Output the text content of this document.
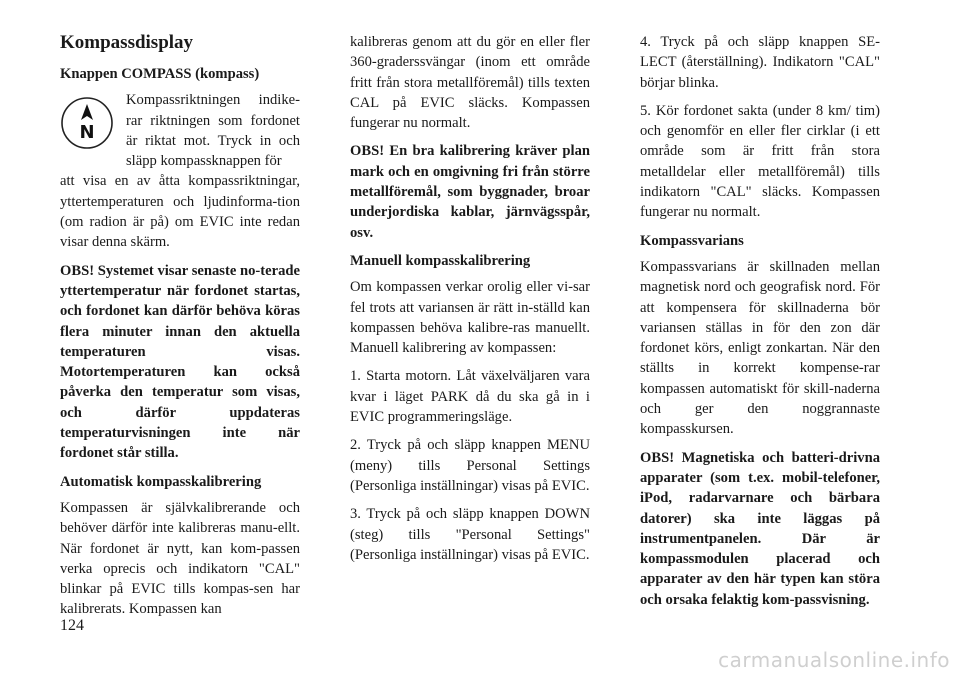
Kompassdisplay
Knappen COMPASS (kompass)
N
Kompassriktningen indike-rar riktningen som fordonet är riktat mot. Tryck in och släpp kompassknappen för

att visa en av åtta kompassriktningar, yttertemperaturen och ljudinforma-tion (om radion är på) om EVIC inte redan visar denna skärm.

OBS! Systemet visar senaste no-terade yttertemperatur när fordonet startas, och fordonet kan därför behöva köras flera minuter innan den aktuella temperaturen visas. Motortemperaturen kan också påverka den temperatur som visas, och därför uppdateras temperaturvisningen inte när fordonet står stilla.

Automatisk kompasskalibrering

Kompassen är självkalibrerande och behöver därför inte kalibreras manu-ellt. När fordonet är nytt, kan kom-passen verka oprecis och indikatorn "CAL" blinkar på EVIC tills kompas-sen har kalibrerats. Kompassen kan

kalibreras genom att du gör en eller fler 360-graderssvängar (inom ett område fritt från stora metallföremål) tills texten CAL på EVIC släcks. Kompassen fungerar nu normalt.

OBS! En bra kalibrering kräver plan mark och en omgivning fri från större metallföremål, som byggnader, broar underjordiska kablar, järnvägsspår, osv.

Manuell kompasskalibrering

Om kompassen verkar orolig eller vi-sar fel trots att variansen är rätt in-ställd kan kompassen behöva kalibre-ras manuellt. Manuell kalibrering av kompassen:

1. Starta motorn. Låt växelväljaren vara kvar i läget PARK då du ska gå in i EVIC programmeringsläge.

2. Tryck på och släpp knappen MENU (meny) tills Personal Settings (Personliga inställningar) visas på EVIC.

3. Tryck på och släpp knappen DOWN (steg) tills "Personal Settings" (Personliga inställningar) visas på EVIC.

4. Tryck på och släpp knappen SE-LECT (återställning). Indikatorn "CAL" börjar blinka.

5. Kör fordonet sakta (under 8 km/ tim) och genomför en eller fler cirklar (i ett område som är fritt från stora metalldelar eller metallföremål) tills indikatorn "CAL" släcks. Kompassen fungerar nu normalt.

Kompassvarians

Kompassvarians är skillnaden mellan magnetisk nord och geografisk nord. För att kompensera för skillnaderna bör variansen ställas in för den zon där fordonet körs, enligt zonkartan. När den ställts in korrekt kompense-rar kompassen automatiskt för skill-naderna och ger den noggrannaste kompasskursen.

OBS! Magnetiska och batteri-drivna apparater (som t.ex. mobil-telefoner, iPod, radarvarnare och bärbara datorer) ska inte läggas på instrumentpanelen. Där är kompassmodulen placerad och apparater av den här typen kan störa och orsaka felaktig kom-passvisning.

124
carmanualsonline.info
